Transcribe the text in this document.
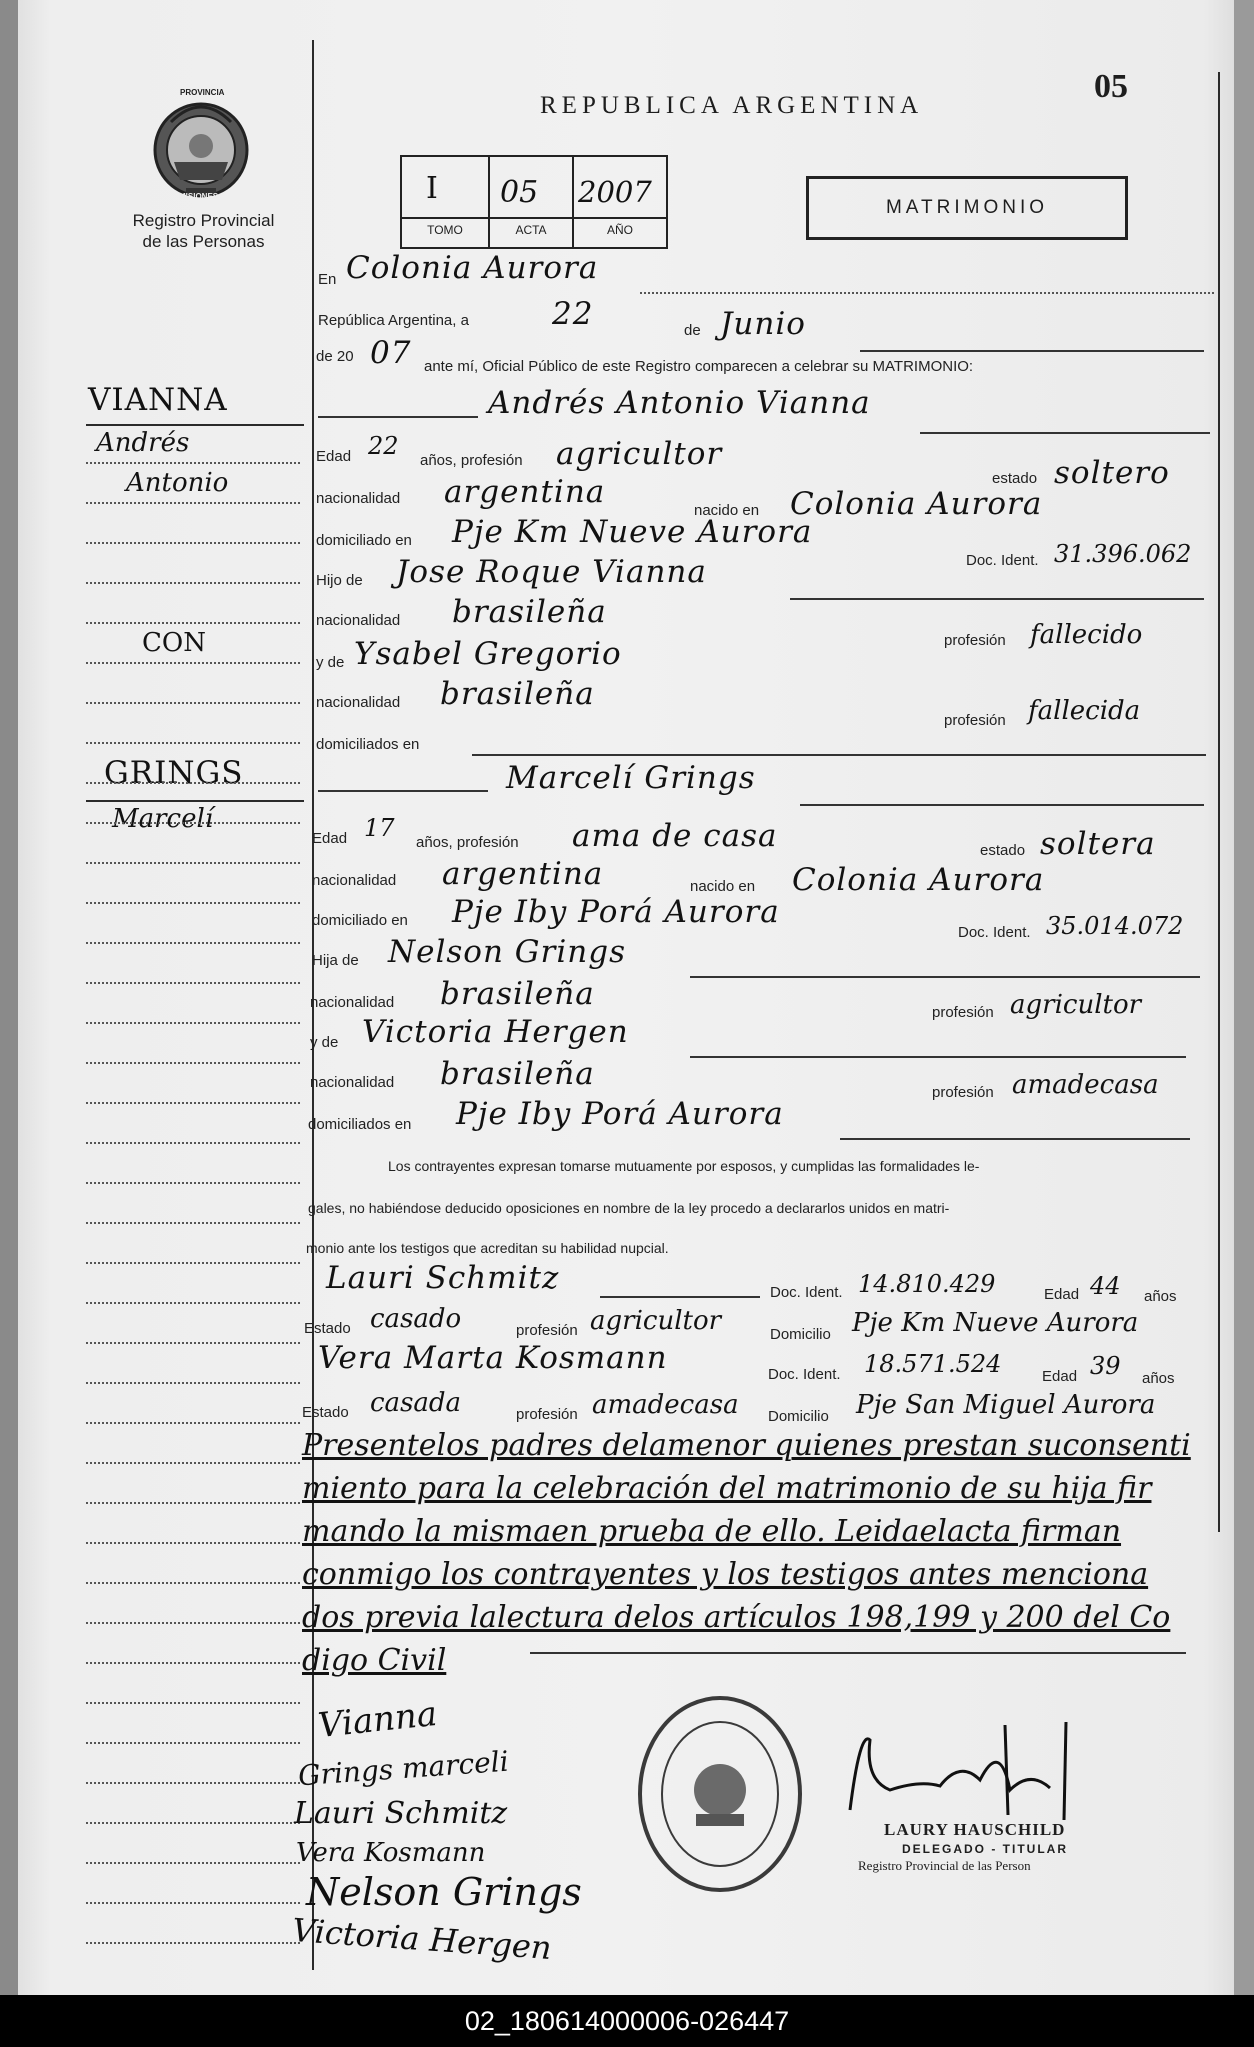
PROVINCIA
MISIONES
Registro Provincial
de las Personas
REPUBLICA ARGENTINA
05
I
TOMO
05
ACTA
2007
AÑO
MATRIMONIO
VIANNA
Andrés
Antonio
CON
GRINGS
Marcelí
En Colonia Aurora
República Argentina, a	22	de Junio
de 20 07 ante mí, Oficial Público de este Registro comparecen a celebrar su MATRIMONIO:
Andrés Antonio Vianna
Edad 22
años, profesión agricultor
estado soltero
nacionalidad argentina
nacido en Colonia Aurora
domiciliado en Pje Km Nueve Aurora
Doc. Ident. 31.396.062
Hijo de Jose Roque Vianna
nacionalidad brasileña
profesión fallecido
y de Ysabel Gregorio
nacionalidad brasileña
profesión fallecida
domiciliados en
Marcelí Grings
Edad 17
años, profesión ama de casa	estado soltera
nacionalidad argentina	nacido en Colonia Aurora
domiciliado en Pje Iby Porá Aurora
Doc. Ident. 35.014.072
Hija de Nelson Grings
nacionalidad brasileña
profesión agricultor
y de Victoria Hergen
nacionalidad brasileña
profesión amadecasa
domiciliados en Pje Iby Porá Aurora
Los contrayentes expresan tomarse mutuamente por esposos, y cumplidas las formalidades le-
gales, no habiéndose deducido oposiciones en nombre de la ley procedo a declararlos unidos en matri-
monio ante los testigos que acreditan su habilidad nupcial.
Lauri Schmitz	Doc. Ident. 14.810.429	Edad 44 años
Estado casado	profesión agricultor	Domicilio Pje Km Nueve Aurora
Vera Marta Kosmann	Doc. Ident. 18.571.524	Edad 39 años
Estado casada	profesión amadecasa Domicilio Pje San Miguel Aurora
Presentelos padres delamenor quienes prestan suconsenti
miento para la celebración del matrimonio de su hija fir
mando la mismaen prueba de ello. Leidaelacta firman
conmigo los contrayentes y los testigos antes menciona
dos previa lalectura delos artículos 198,199 y 200 del Co
digo Civil
Vianna
Grings marceli
Lauri Schmitz
Vera Kosmann
Nelson Grings
Victoria Hergen
LAURY HAUSCHILD
DELEGADO - TITULAR
Registro Provincial de las Person
02_180614000006-026447
